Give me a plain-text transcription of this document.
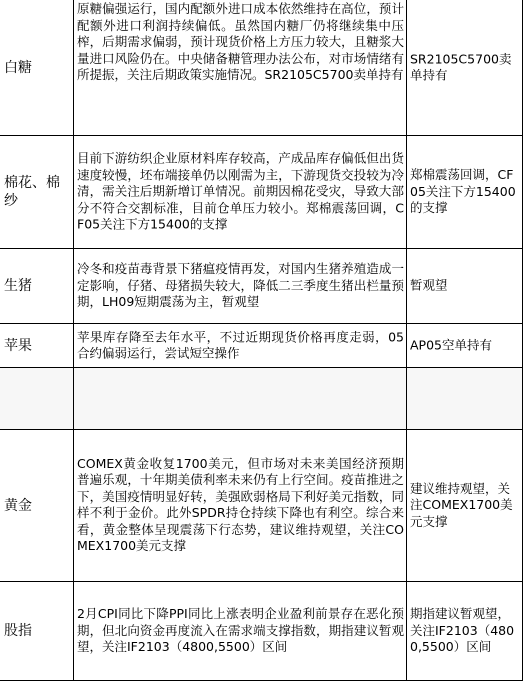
白糖
原糖偏强运行，国内配额外进口成本依然维持在高位，预计配额外进口利润持续偏低。虽然国内糖厂仍将继续集中压榨，后期需求偏弱，预计现货价格上方压力较大，且糖浆大量进口风险仍在。中央储备糖管理办法公布，对市场情绪有所提振，关注后期政策实施情况。SR2105C5700卖单持有
SR2105C5700卖单持有
棉花、棉纱
目前下游纺织企业原材料库存较高，产成品库存偏低但出货速度较慢，坯布端接单仍以刚需为主，下游现货交投较为冷清，需关注后期新增订单情况。前期因棉花受灾，导致大部分不符合交割标准，目前仓单压力较小。郑棉震荡回调，CF05关注下方15400的支撑
郑棉震荡回调，CF05关注下方15400的支撑
生猪
冷冬和疫苗毒背景下猪瘟疫情再发，对国内生猪养殖造成一定影响，仔猪、母猪损失较大，降低二三季度生猪出栏量预期，LH09短期震荡为主，暂观望
暂观望
苹果
苹果库存降至去年水平，不过近期现货价格再度走弱，05合约偏弱运行，尝试短空操作
AP05空单持有
黄金
COMEX黄金收复1700美元，但市场对未来美国经济预期普遍乐观，十年期美债利率未来仍有上行空间。疫苗推进之下，美国疫情明显好转，美强欧弱格局下利好美元指数，同样不利于金价。此外SPDR持仓持续下降也有利空。综合来看，黄金整体呈现震荡下行态势，建议维持观望，关注COMEX1700美元支撑
建议维持观望，关注COMEX1700美元支撑
股指
2月CPI同比下降PPI同比上涨表明企业盈利前景存在恶化预期，但北向资金再度流入在需求端支撑指数，期指建议暂观望，关注IF2103（4800,5500）区间
期指建议暂观望，关注IF2103（4800,5500）区间
